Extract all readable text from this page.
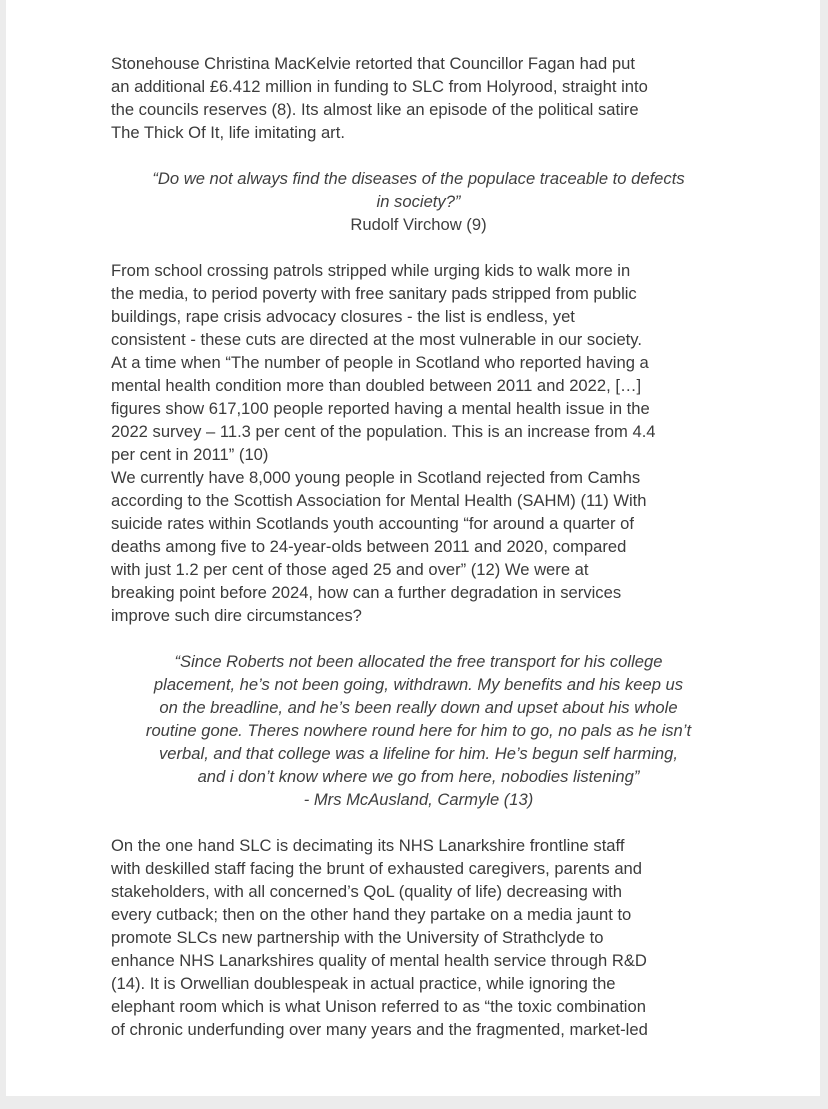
Stonehouse Christina MacKelvie retorted that Councillor Fagan had put
an additional £6.412 million in funding to SLC from Holyrood, straight into
the councils reserves (8). Its almost like an episode of the political satire
The Thick Of It, life imitating art.

“Do we not always find the diseases of the populace traceable to defects
in society?”

Rudolf Virchow (9)

From school crossing patrols stripped while urging kids to walk more in
the media, to period poverty with free sanitary pads stripped from public
buildings, rape crisis advocacy closures - the list is endless, yet
consistent - these cuts are directed at the most vulnerable in our society.
At a time when “The number of people in Scotland who reported having a
mental health condition more than doubled between 2011 and 2022, […]
figures show 617,100 people reported having a mental health issue in the
2022 survey – 11.3 per cent of the population. This is an increase from 4.4
per cent in 2011” (10)
We currently have 8,000 young people in Scotland rejected from Camhs
according to the Scottish Association for Mental Health (SAHM) (11) With
suicide rates within Scotlands youth accounting “for around a quarter of
deaths among five to 24-year-olds between 2011 and 2020, compared
with just 1.2 per cent of those aged 25 and over” (12) We were at
breaking point before 2024, how can a further degradation in services
improve such dire circumstances?

“Since Roberts not been allocated the free transport for his college
placement, he’s not been going, withdrawn. My benefits and his keep us
on the breadline, and he’s been really down and upset about his whole
routine gone. Theres nowhere round here for him to go, no pals as he isn’t
verbal, and that college was a lifeline for him. He’s begun self harming,
and i don’t know where we go from here, nobodies listening”
- Mrs McAusland, Carmyle (13)

On the one hand SLC is decimating its NHS Lanarkshire frontline staff
with deskilled staff facing the brunt of exhausted caregivers, parents and
stakeholders, with all concerned’s QoL (quality of life) decreasing with
every cutback; then on the other hand they partake on a media jaunt to
promote SLCs new partnership with the University of Strathclyde to
enhance NHS Lanarkshires quality of mental health service through R&D
(14). It is Orwellian doublespeak in actual practice, while ignoring the
elephant room which is what Unison referred to as “the toxic combination
of chronic underfunding over many years and the fragmented, market-led
